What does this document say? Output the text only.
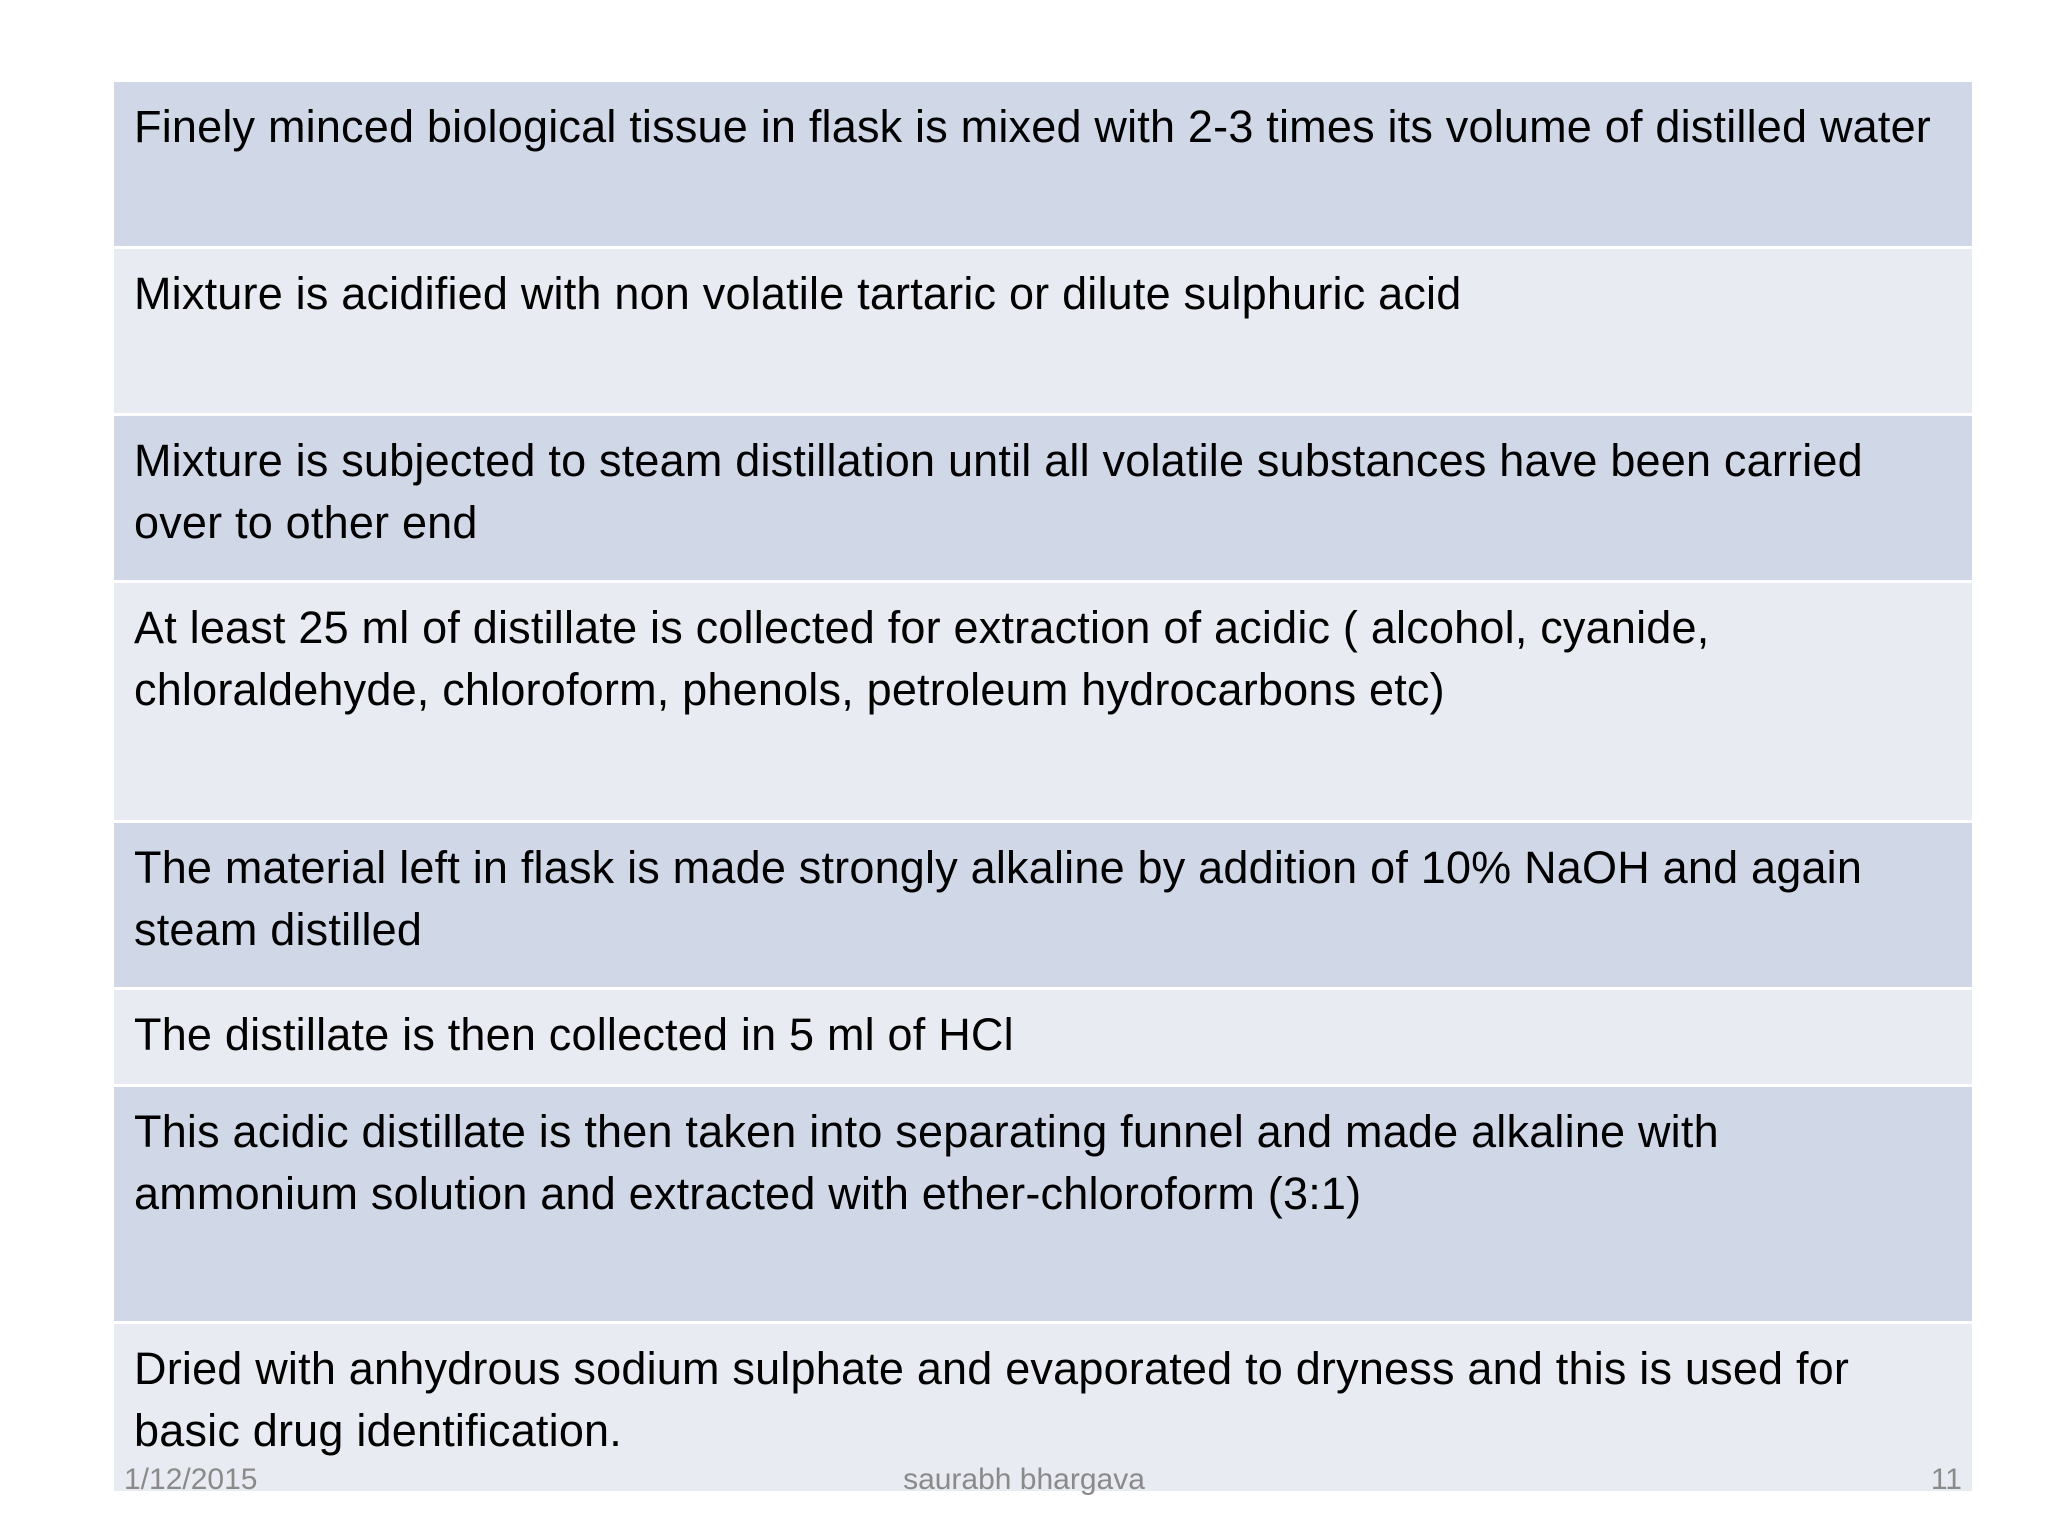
Finely minced biological tissue in flask is mixed with 2-3 times its volume of distilled water
Mixture is acidified with non volatile tartaric or dilute sulphuric acid
Mixture is subjected to steam distillation until all volatile substances have been carried over to other end
At least 25 ml of distillate is collected for extraction of acidic ( alcohol, cyanide, chloraldehyde, chloroform, phenols, petroleum hydrocarbons etc)
The material left in flask is made strongly alkaline by addition of 10% NaOH and again steam distilled
The distillate is then collected in 5 ml of HCl
This acidic distillate is then taken into separating funnel and made alkaline with ammonium solution and extracted with ether-chloroform (3:1)
Dried with anhydrous sodium sulphate and evaporated to dryness and this is used for basic drug identification.
1/12/2015	saurabh bhargava	11
